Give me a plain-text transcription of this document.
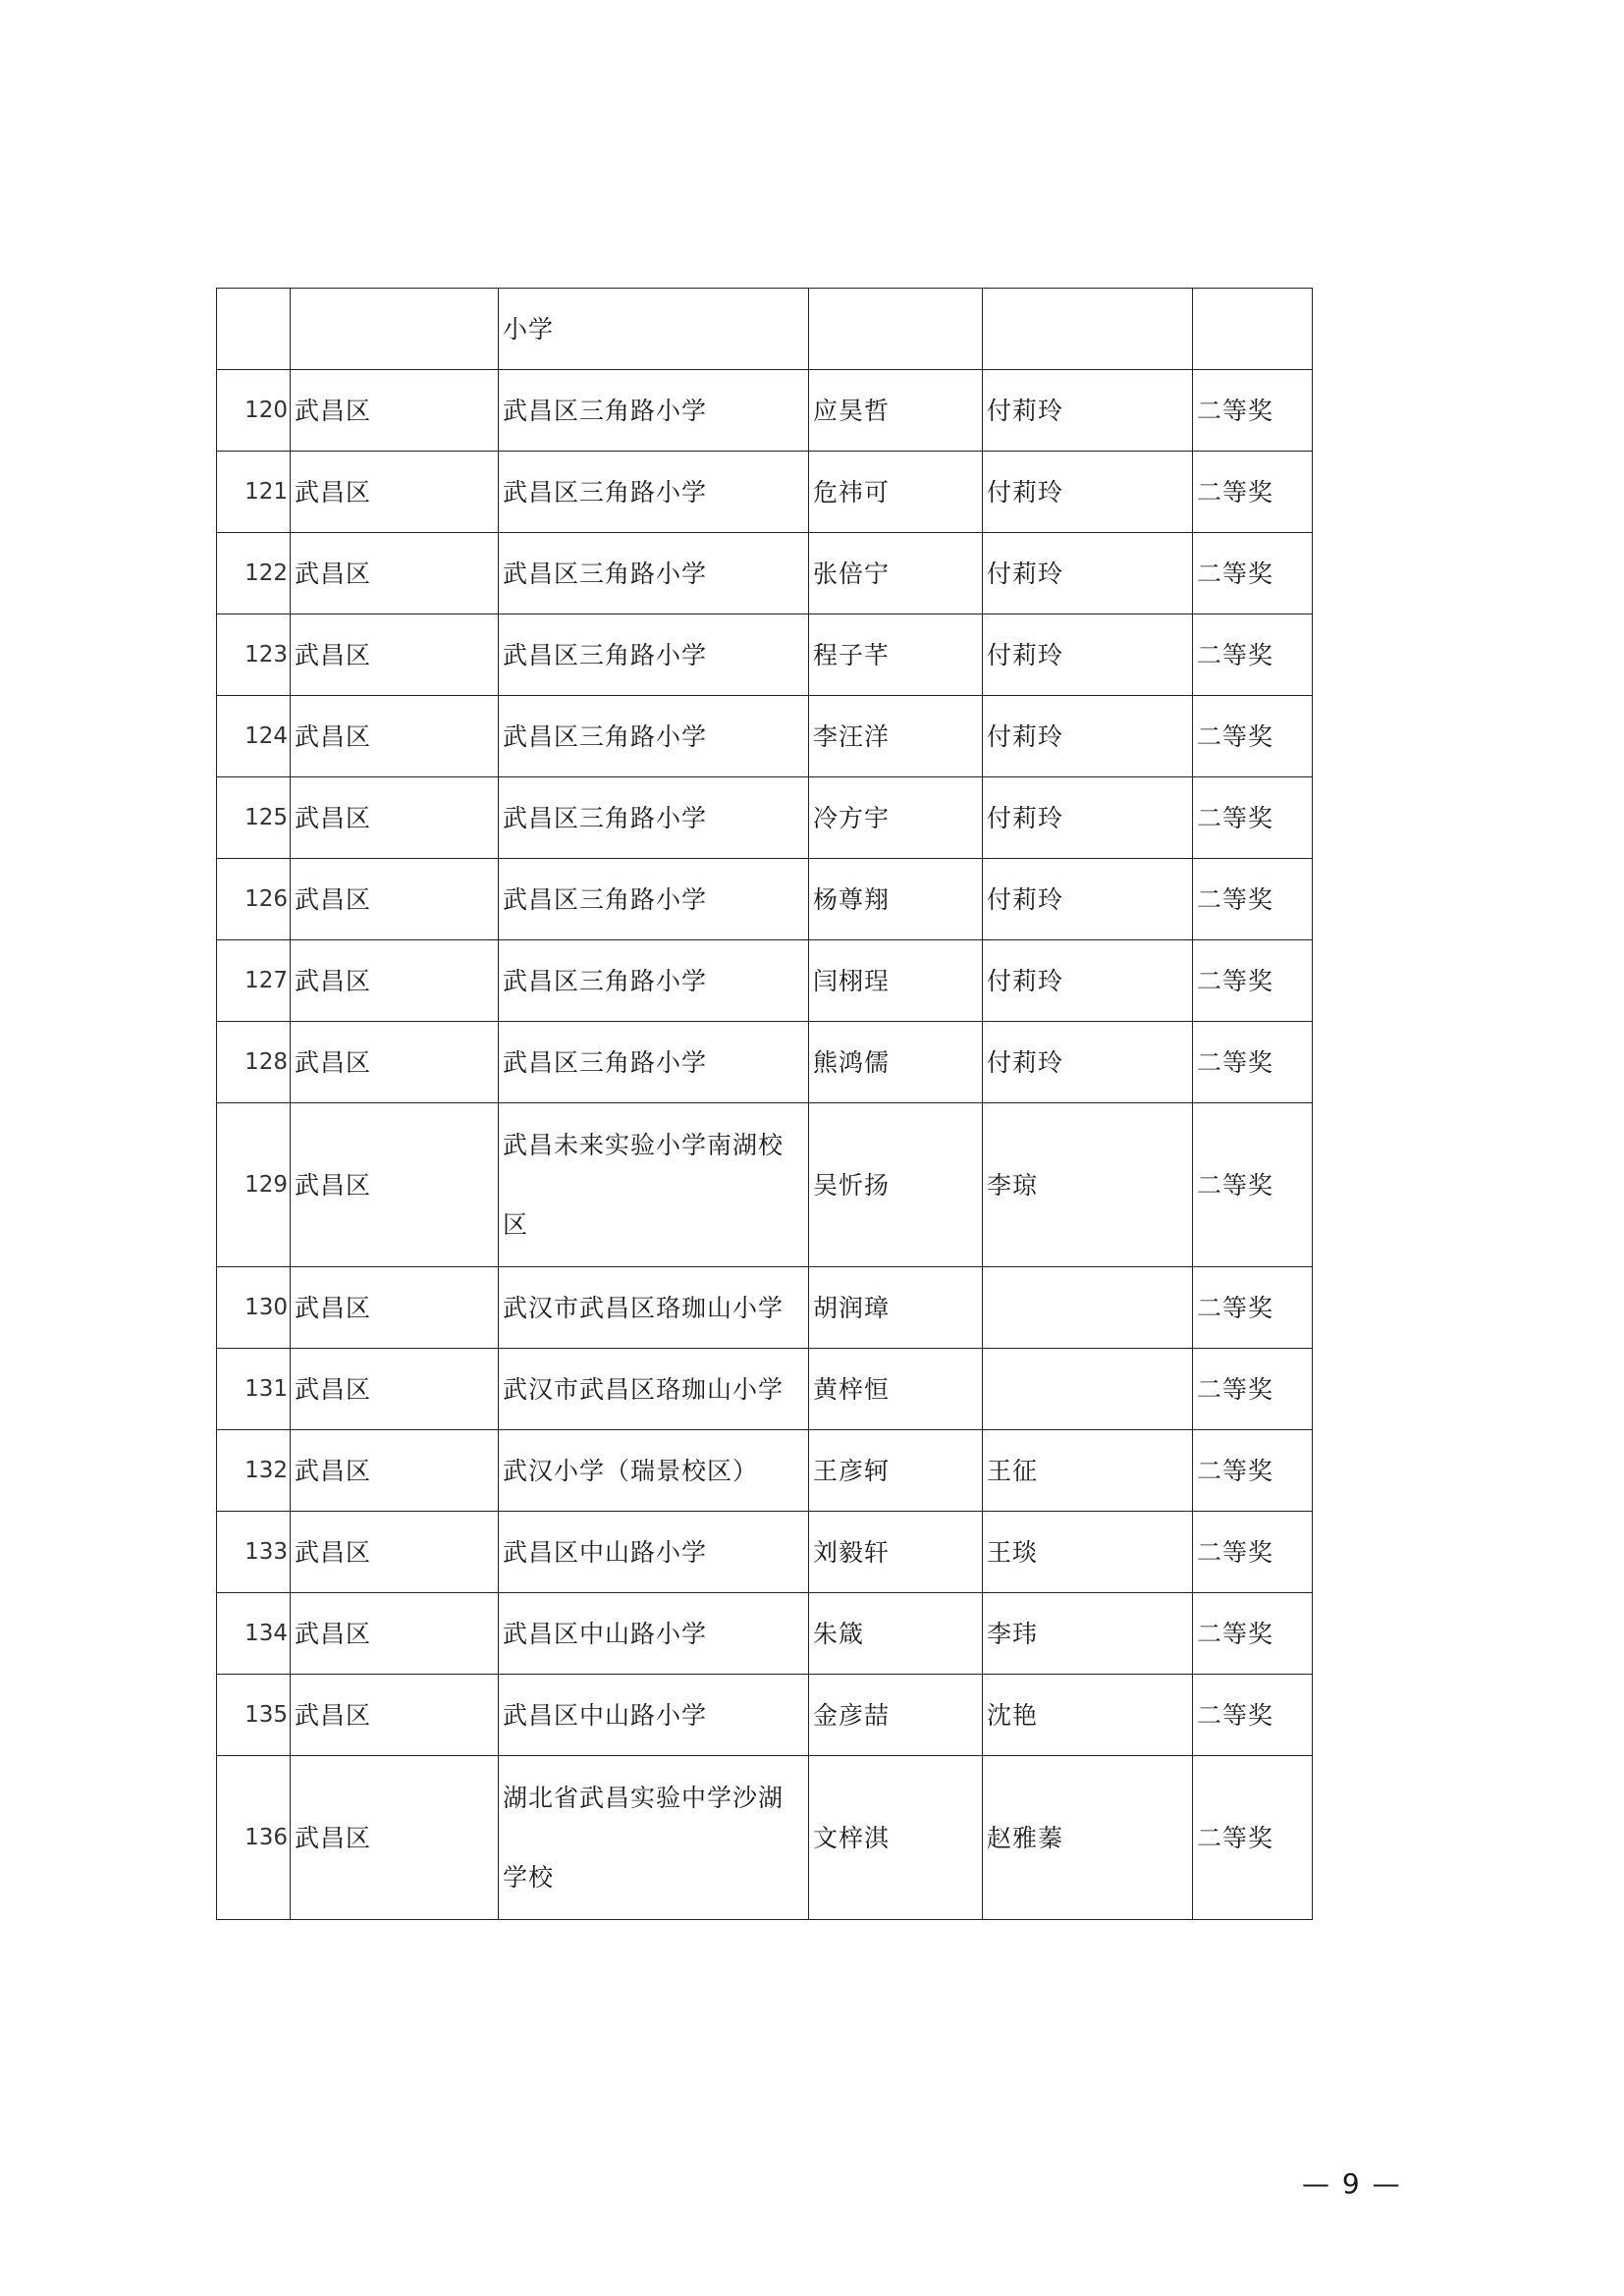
		小学			
120	武昌区	武昌区三角路小学	应昊哲	付莉玲	二等奖
121	武昌区	武昌区三角路小学	危祎可	付莉玲	二等奖
122	武昌区	武昌区三角路小学	张倍宁	付莉玲	二等奖
123	武昌区	武昌区三角路小学	程子芊	付莉玲	二等奖
124	武昌区	武昌区三角路小学	李汪洋	付莉玲	二等奖
125	武昌区	武昌区三角路小学	冷方宇	付莉玲	二等奖
126	武昌区	武昌区三角路小学	杨尊翔	付莉玲	二等奖
127	武昌区	武昌区三角路小学	闫栩珵	付莉玲	二等奖
128	武昌区	武昌区三角路小学	熊鸿儒	付莉玲	二等奖
129	武昌区	武昌未来实验小学南湖校区	吴忻扬	李琼	二等奖
130	武昌区	武汉市武昌区珞珈山小学	胡润璋		二等奖
131	武昌区	武汉市武昌区珞珈山小学	黄梓恒		二等奖
132	武昌区	武汉小学（瑞景校区）	王彦轲	王征	二等奖
133	武昌区	武昌区中山路小学	刘毅轩	王琰	二等奖
134	武昌区	武昌区中山路小学	朱箴	李玮	二等奖
135	武昌区	武昌区中山路小学	金彦喆	沈艳	二等奖
136	武昌区	湖北省武昌实验中学沙湖学校	文梓淇	赵雅蓁	二等奖
— 9 —
